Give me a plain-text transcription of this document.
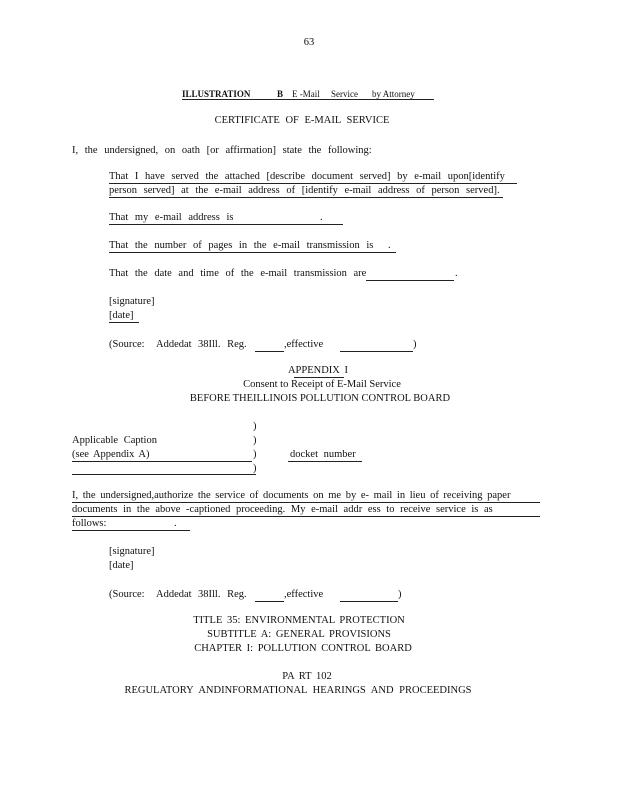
63
ILLUSTRATION	B E -Mail Service by Attorney
CERTIFICATE OF E-MAIL SERVICE
I, the undersigned, on oath [or affirmation] state the following:
That I have served the attached [describe document served] by e-mail upon[identify
person served] at the e-mail address of [identify e-mail address of person served].
That my e-mail address is	.
That the number of pages in the e-mail transmission is .
That the date and time of the e-mail transmission are	.
[signature]
[date]
(Source: Addedat 38Ill. Reg.	,effective	)
APPENDIX I
Consent to Receipt of E-Mail Service
BEFORE THEILLINOIS POLLUTION CONTROL BOARD
)
Applicable Caption	)
(see Appendix A)	)	docket number
)
I, the undersigned,authorize the service of documents on me by e- mail in lieu of receiving paper
documents in the above -captioned proceeding. My e-mail addr ess to receive service is as
follows:	.
[signature]
[date]
(Source: Addedat 38Ill. Reg.	,effective	)
TITLE 35: ENVIRONMENTAL PROTECTION
SUBTITLE A: GENERAL PROVISIONS
CHAPTER I: POLLUTION CONTROL BOARD
PA RT 102
REGULATORY ANDINFORMATIONAL HEARINGS AND PROCEEDINGS
